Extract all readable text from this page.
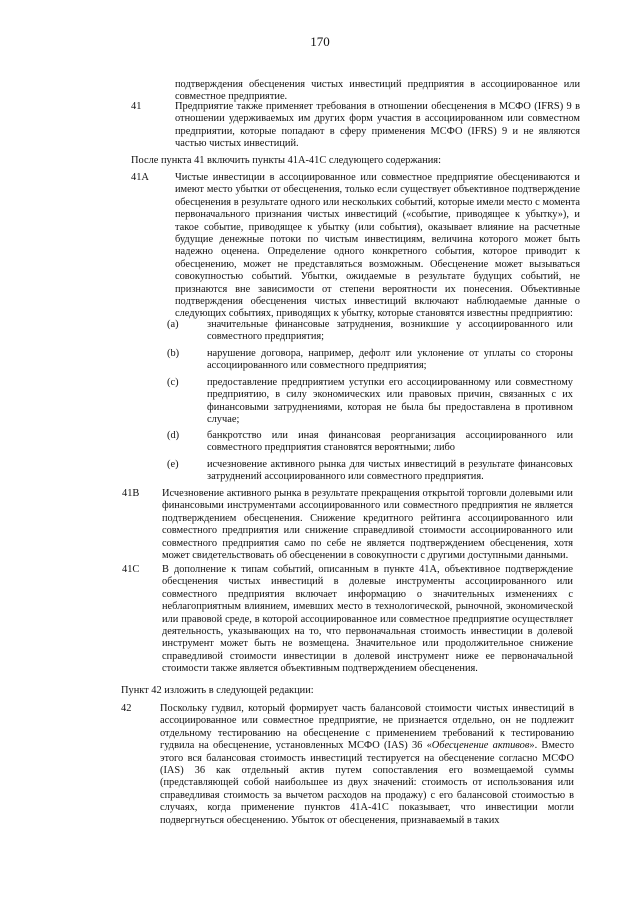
170

подтверждения обесценения чистых инвестиций предприятия в ассоциированное или совместное предприятие.

41	Предприятие также применяет требования в отношении обесценения в МСФО (IFRS) 9 в отношении удерживаемых им других форм участия в ассоциированном или совместном предприятии, которые попадают в сферу применения МСФО (IFRS) 9 и не являются частью чистых инвестиций.

После пункта 41 включить пункты 41А-41С следующего содержания:

41А	Чистые инвестиции в ассоциированное или совместное предприятие обесцениваются и имеют место убытки от обесценения, только если существует объективное подтверждение обесценения в результате одного или нескольких событий, которые имели место с момента первоначального признания чистых инвестиций («событие, приводящее к убытку»), и такое событие, приводящее к убытку (или события), оказывает влияние на расчетные будущие денежные потоки по чистым инвестициям, величина которого может быть надежно оценена. Определение одного конкретного события, которое приводит к обесценению, может не представляться возможным. Обесценение может вызываться совокупностью событий. Убытки, ожидаемые в результате будущих событий, не признаются вне зависимости от степени вероятности их понесения. Объективные подтверждения обесценения чистых инвестиций включают наблюдаемые данные о следующих событиях, приводящих к убытку, которые становятся известны предприятию:

(a)	значительные финансовые затруднения, возникшие у ассоциированного или совместного предприятия;

(b)	нарушение договора, например, дефолт или уклонение от уплаты со стороны ассоциированного или совместного предприятия;

(c)	предоставление предприятием уступки его ассоциированному или совместному предприятию, в силу экономических или правовых причин, связанных с их финансовыми затруднениями, которая не была бы предоставлена в противном случае;

(d)	банкротство или иная финансовая реорганизация ассоциированного или совместного предприятия становятся вероятными; либо

(e)	исчезновение активного рынка для чистых инвестиций в результате финансовых затруднений ассоциированного или совместного предприятия.

41В Исчезновение активного рынка в результате прекращения открытой торговли долевыми или финансовыми инструментами ассоциированного или совместного предприятия не является подтверждением обесценения. Снижение кредитного рейтинга ассоциированного или совместного предприятия или снижение справедливой стоимости ассоциированного или совместного предприятия само по себе не является подтверждением обесценения, хотя может свидетельствовать об обесценении в совокупности с другими доступными данными.

41С В дополнение к типам событий, описанным в пункте 41А, объективное подтверждение обесценения чистых инвестиций в долевые инструменты ассоциированного или совместного предприятия включает информацию о значительных изменениях с неблагоприятным влиянием, имевших место в технологической, рыночной, экономической или правовой среде, в которой ассоциированное или совместное предприятие осуществляет деятельность, указывающих на то, что первоначальная стоимость инвестиции в долевой инструмент может быть не возмещена. Значительное или продолжительное снижение справедливой стоимости инвестиции в долевой инструмент ниже ее первоначальной стоимости также является объективным подтверждением обесценения.

Пункт 42 изложить в следующей редакции:

42	Поскольку гудвил, который формирует часть балансовой стоимости чистых инвестиций в ассоциированное или совместное предприятие, не признается отдельно, он не подлежит отдельному тестированию на обесценение с применением требований к тестированию гудвила на обесценение, установленных МСФО (IAS) 36 «Обесценение активов». Вместо этого вся балансовая стоимость инвестиций тестируется на обесценение согласно МСФО (IAS) 36 как отдельный актив путем сопоставления его возмещаемой суммы (представляющей собой наибольшее из двух значений: стоимость от использования или справедливая стоимость за вычетом расходов на продажу) с его балансовой стоимостью в случаях, когда применение пунктов 41А-41С показывает, что инвестиции могли подвергнуться обесценению. Убыток от обесценения, признаваемый в таких
